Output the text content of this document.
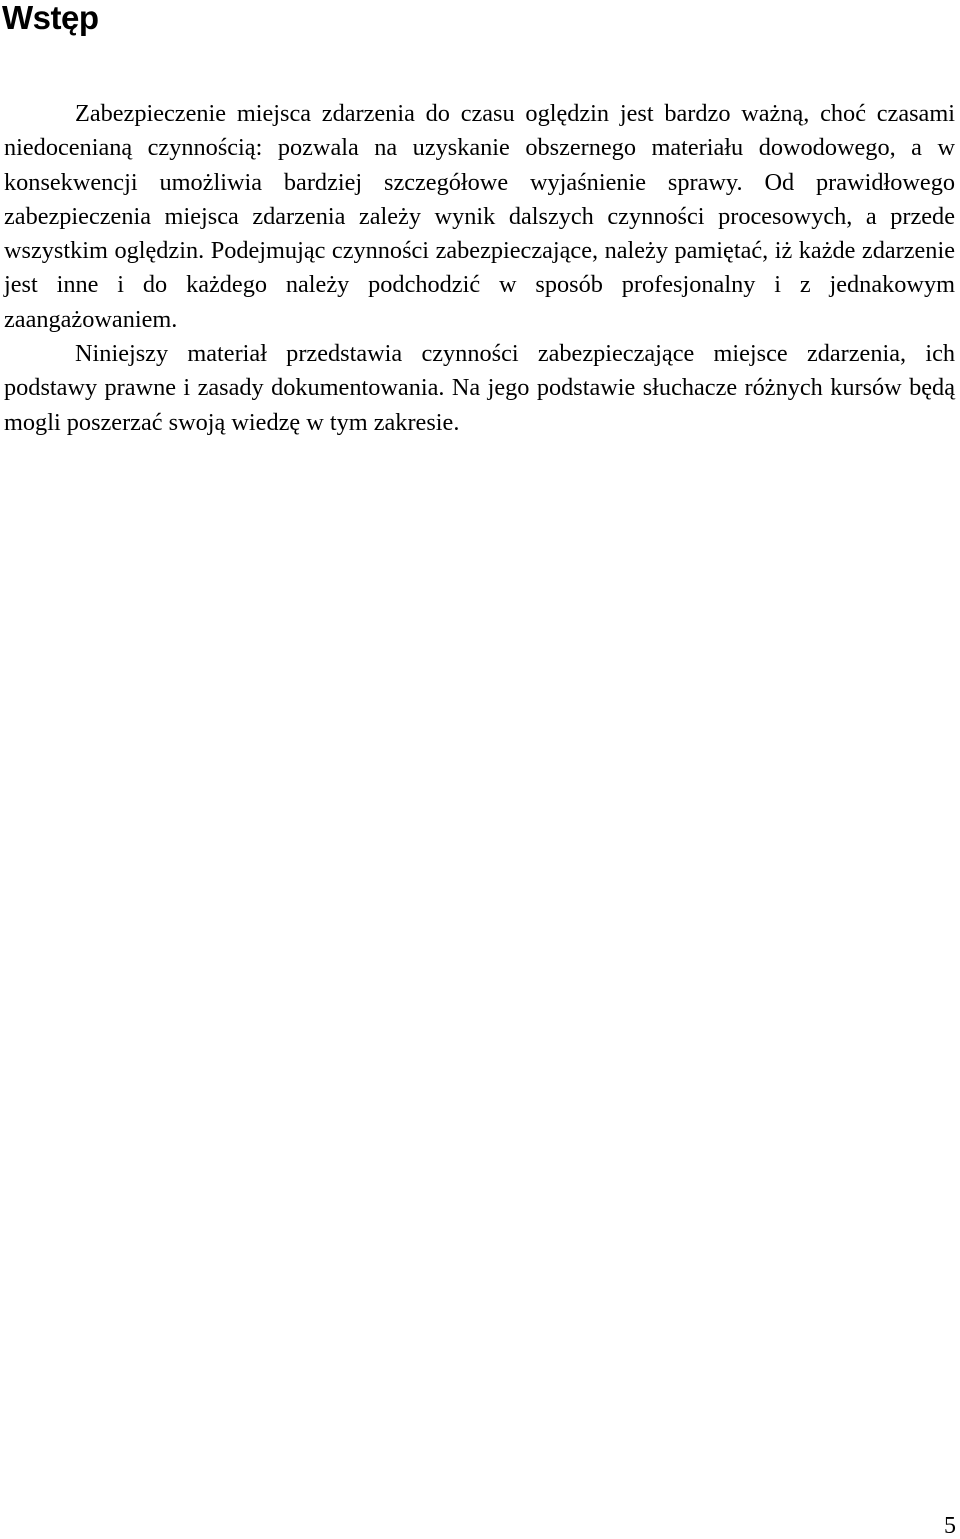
Wstęp

Zabezpieczenie miejsca zdarzenia do czasu oględzin jest bardzo ważną, choć czasami niedocenianą czynnością: pozwala na uzyskanie obszernego materiału dowodowego, a w konsekwencji umożliwia bardziej szczegółowe wyjaśnienie sprawy. Od prawidłowego zabezpieczenia miejsca zdarzenia zależy wynik dalszych czynności procesowych, a przede wszystkim oględzin. Podejmując czynności zabezpieczające, należy pamiętać, iż każde zdarzenie jest inne i do każdego należy podchodzić w sposób profesjonalny i z jednakowym zaangażowaniem.

Niniejszy materiał przedstawia czynności zabezpieczające miejsce zdarzenia, ich podstawy prawne i zasady dokumentowania. Na jego podstawie słuchacze różnych kursów będą mogli poszerzać swoją wiedzę w tym zakresie.

5
